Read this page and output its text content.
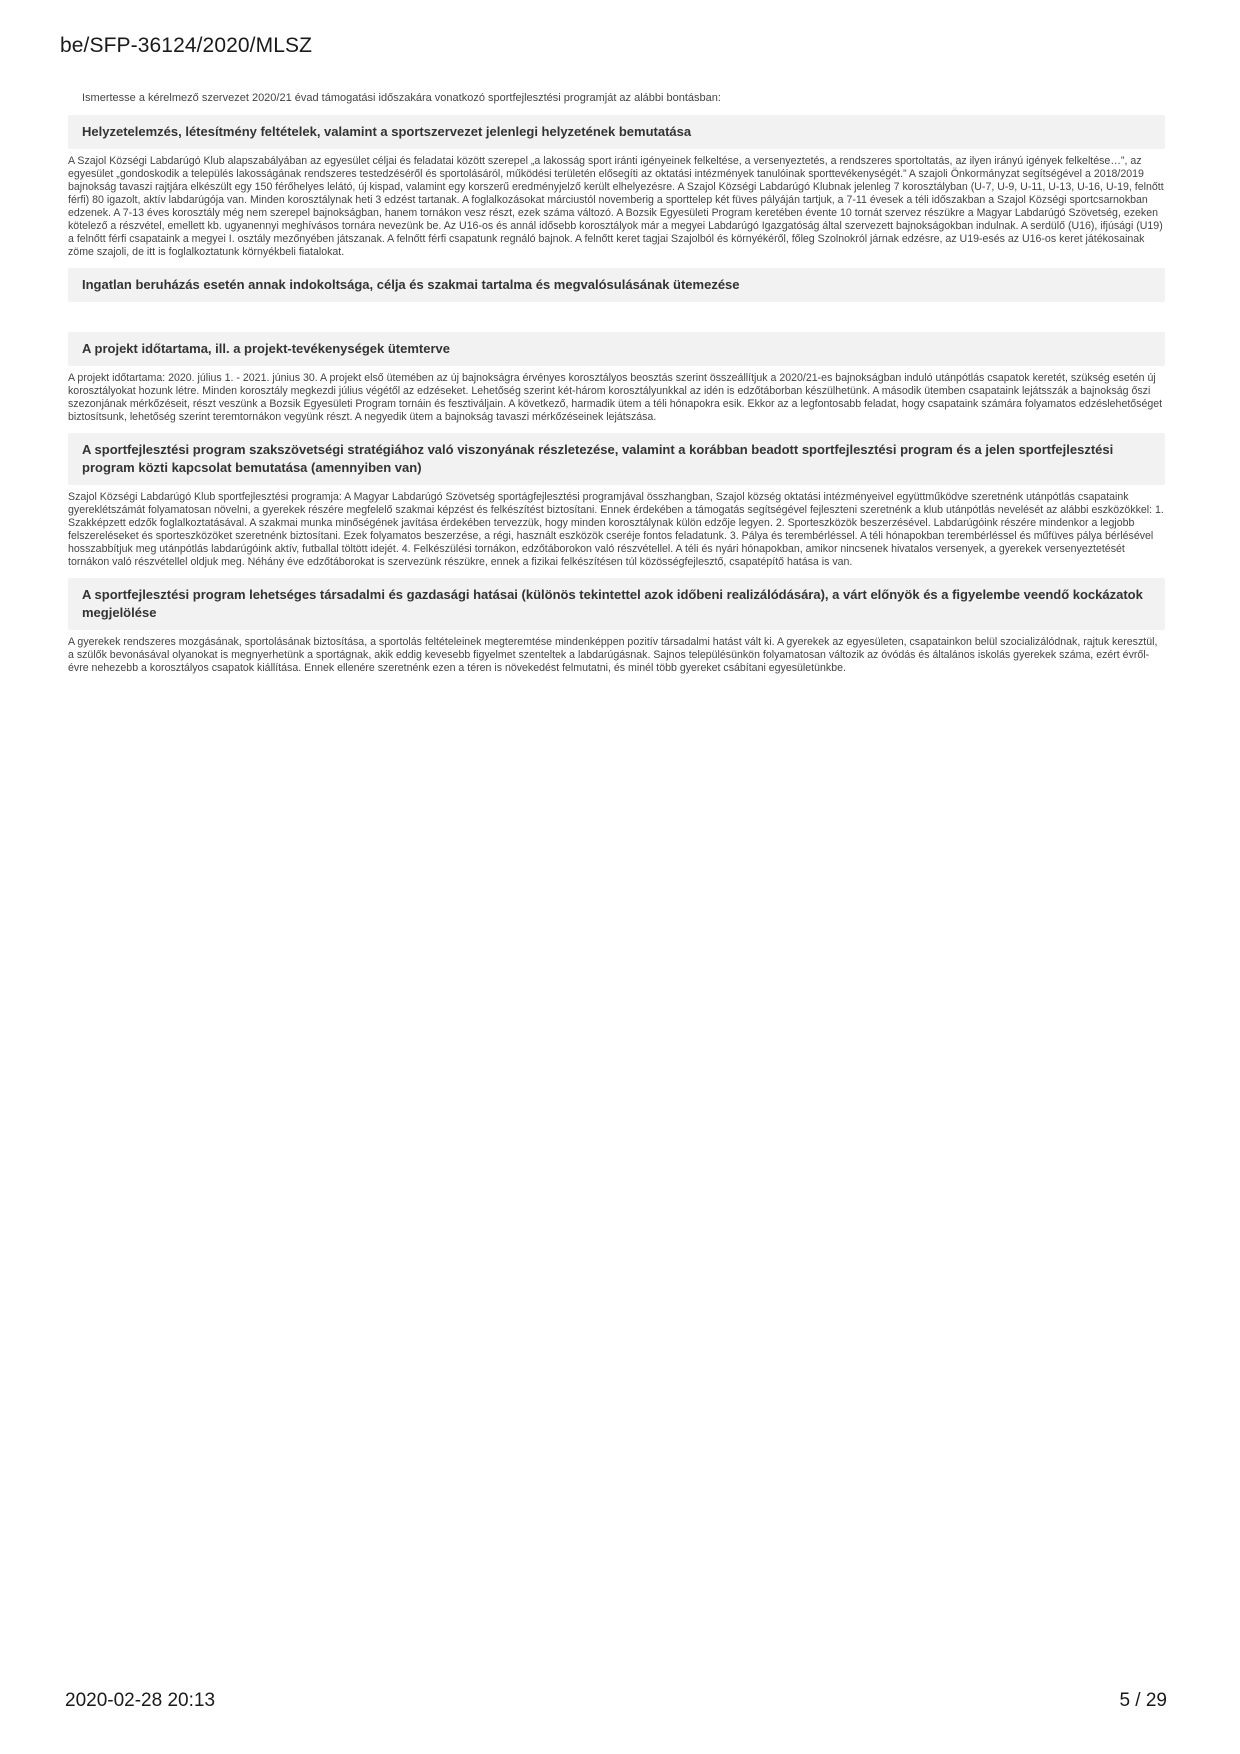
be/SFP-36124/2020/MLSZ

Ismertesse a kérelmező szervezet 2020/21 évad támogatási időszakára vonatkozó sportfejlesztési programját az alábbi bontásban:

Helyzetelemzés, létesítmény feltételek, valamint a sportszervezet jelenlegi helyzetének bemutatása

A Szajol Községi Labdarúgó Klub alapszabályában az egyesület céljai és feladatai között szerepel „a lakosság sport iránti igényeinek felkeltése, a versenyeztetés, a rendszeres sportoltatás, az ilyen irányú igények felkeltése…”, az egyesület „gondoskodik a település lakosságának rendszeres testedzéséről és sportolásáról, működési területén elősegíti az oktatási intézmények tanulóinak sporttevékenységét.” A szajoli Önkormányzat segítségével a 2018/2019 bajnokság tavaszi rajtjára elkészült egy 150 férőhelyes lelátó, új kispad, valamint egy korszerű eredményjelző került elhelyezésre. A Szajol Községi Labdarúgó Klubnak jelenleg 7 korosztályban (U-7, U-9, U-11, U-13, U-16, U-19, felnőtt férfi) 80 igazolt, aktív labdarúgója van. Minden korosztálynak heti 3 edzést tartanak. A foglalkozásokat márciustól novemberig a sporttelep két füves pályáján tartjuk, a 7-11 évesek a téli időszakban a Szajol Községi sportcsarnokban edzenek. A 7-13 éves korosztály még nem szerepel bajnokságban, hanem tornákon vesz részt, ezek száma változó. A Bozsik Egyesületi Program keretében évente 10 tornát szervez részükre a Magyar Labdarúgó Szövetség, ezeken kötelező a részvétel, emellett kb. ugyanennyi meghívásos tornára nevezünk be. Az U16-os és annál idősebb korosztályok már a megyei Labdarúgó Igazgatóság által szervezett bajnokságokban indulnak. A serdülő (U16), ifjúsági (U19) a felnőtt férfi csapataink a megyei I. osztály mezőnyében játszanak. A felnőtt férfi csapatunk regnáló bajnok. A felnőtt keret tagjai Szajolból és környékéről, főleg Szolnokról járnak edzésre, az U19-esés az U16-os keret játékosainak zöme szajoli, de itt is foglalkoztatunk környékbeli fiatalokat.

Ingatlan beruházás esetén annak indokoltsága, célja és szakmai tartalma és megvalósulásának ütemezése
A projekt időtartama, ill. a projekt-tevékenységek ütemterve

A projekt időtartama: 2020. július 1. - 2021. június 30. A projekt első ütemében az új bajnokságra érvényes korosztályos beosztás szerint összeállítjuk a 2020/21-es bajnokságban induló utánpótlás csapatok keretét, szükség esetén új korosztályokat hozunk létre. Minden korosztály megkezdi július végétől az edzéseket. Lehetőség szerint két-három korosztályunkkal az idén is edzőtáborban készülhetünk. A második ütemben csapataink lejátsszák a bajnokság őszi szezonjának mérkőzéseit, részt veszünk a Bozsik Egyesületi Program tornáin és fesztiváljain. A következő, harmadik ütem a téli hónapokra esik. Ekkor az a legfontosabb feladat, hogy csapataink számára folyamatos edzéslehetőséget biztosítsunk, lehetőség szerint teremtornákon vegyünk részt. A negyedik ütem a bajnokság tavaszi mérkőzéseinek lejátszása.

A sportfejlesztési program szakszövetségi stratégiához való viszonyának részletezése, valamint a korábban beadott sportfejlesztési program és a jelen sportfejlesztési program közti kapcsolat bemutatása (amennyiben van)

Szajol Községi Labdarúgó Klub sportfejlesztési programja: A Magyar Labdarúgó Szövetség sportágfejlesztési programjával összhangban, Szajol község oktatási intézményeivel együttműködve szeretnénk utánpótlás csapataink gyereklétszámát folyamatosan növelni, a gyerekek részére megfelelő szakmai képzést és felkészítést biztosítani. Ennek érdekében a támogatás segítségével fejleszteni szeretnénk a klub utánpótlás nevelését az alábbi eszközökkel: 1. Szakképzett edzők foglalkoztatásával. A szakmai munka minőségének javítása érdekében tervezzük, hogy minden korosztálynak külön edzője legyen. 2. Sporteszközök beszerzésével. Labdarúgóink részére mindenkor a legjobb felszereléseket és sporteszközöket szeretnénk biztosítani. Ezek folyamatos beszerzése, a régi, használt eszközök cseréje fontos feladatunk. 3. Pálya és terembérléssel. A téli hónapokban terembérléssel és műfüves pálya bérlésével hosszabbítjuk meg utánpótlás labdarúgóink aktív, futballal töltött idejét. 4. Felkészülési tornákon, edzőtáborokon való részvétellel. A téli és nyári hónapokban, amikor nincsenek hivatalos versenyek, a gyerekek versenyeztetését tornákon való részvétellel oldjuk meg. Néhány éve edzőtáborokat is szervezünk részükre, ennek a fizikai felkészítésen túl közösségfejlesztő, csapatépítő hatása is van.

A sportfejlesztési program lehetséges társadalmi és gazdasági hatásai (különös tekintettel azok időbeni realizálódására), a várt előnyök és a figyelembe veendő kockázatok megjelölése

A gyerekek rendszeres mozgásának, sportolásának biztosítása, a sportolás feltételeinek megteremtése mindenképpen pozitív társadalmi hatást vált ki. A gyerekek az egyesületen, csapatainkon belül szocializálódnak, rajtuk keresztül, a szülők bevonásával olyanokat is megnyerhetünk a sportágnak, akik eddig kevesebb figyelmet szenteltek a labdarúgásnak. Sajnos településünkön folyamatosan változik az óvódás és általános iskolás gyerekek száma, ezért évről-évre nehezebb a korosztályos csapatok kiállítása. Ennek ellenére szeretnénk ezen a téren is növekedést felmutatni, és minél több gyereket csábítani egyesületünkbe.

2020-02-28 20:13	5 / 29
